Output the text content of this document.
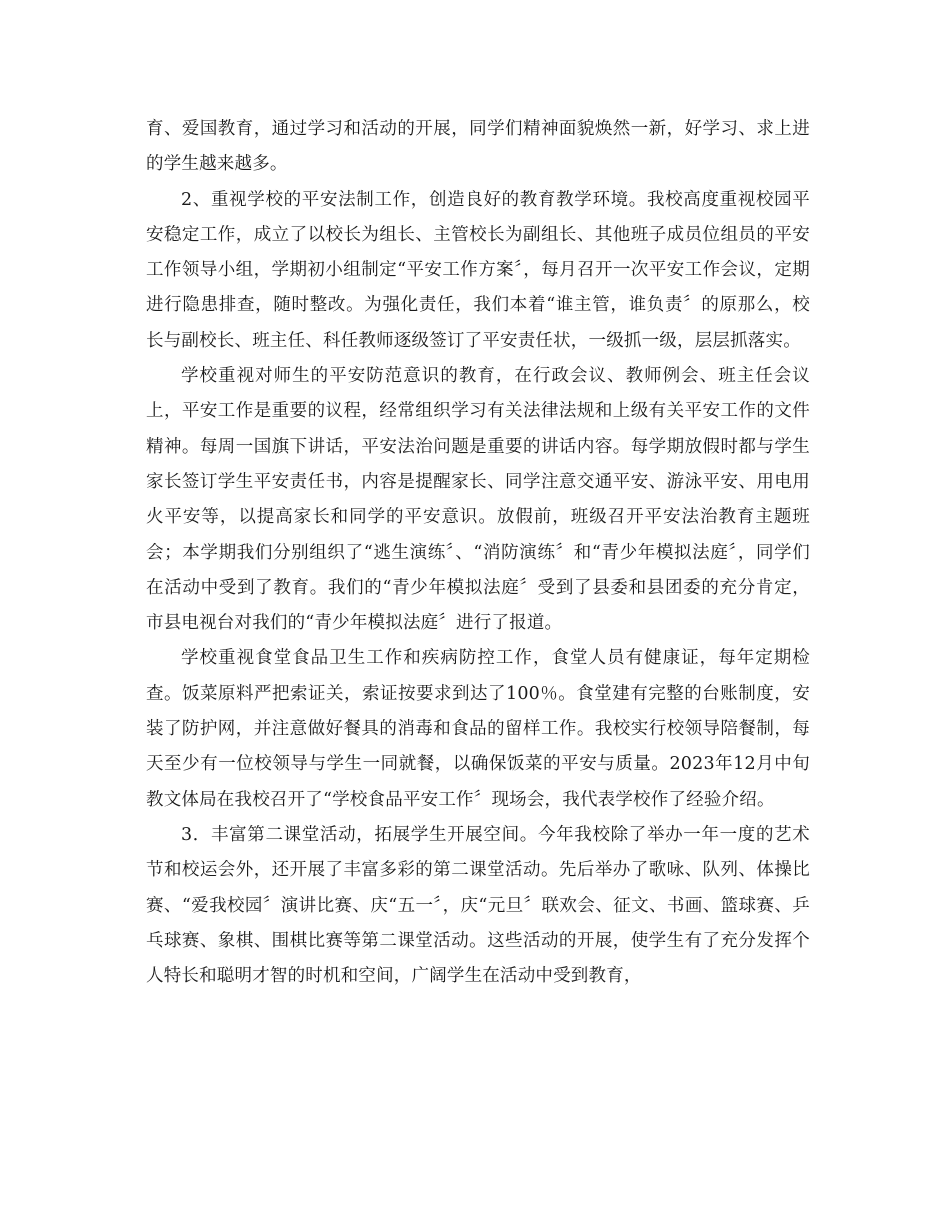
育、爱国教育，通过学习和活动的开展，同学们精神面貌焕然一新，好学习、求上进的学生越来越多。

2、重视学校的平安法制工作，创造良好的教育教学环境。我校高度重视校园平安稳定工作，成立了以校长为组长、主管校长为副组长、其他班子成员位组员的平安工作领导小组，学期初小组制定“平安工作方案〞，每月召开一次平安工作会议，定期进行隐患排查，随时整改。为强化责任，我们本着“谁主管，谁负责〞的原那么，校长与副校长、班主任、科任教师逐级签订了平安责任状，一级抓一级，层层抓落实。

学校重视对师生的平安防范意识的教育，在行政会议、教师例会、班主任会议上，平安工作是重要的议程，经常组织学习有关法律法规和上级有关平安工作的文件精神。每周一国旗下讲话，平安法治问题是重要的讲话内容。每学期放假时都与学生家长签订学生平安责任书，内容是提醒家长、同学注意交通平安、游泳平安、用电用火平安等，以提高家长和同学的平安意识。放假前，班级召开平安法治教育主题班会；本学期我们分别组织了“逃生演练〞、“消防演练〞和“青少年模拟法庭〞，同学们在活动中受到了教育。我们的“青少年模拟法庭〞受到了县委和县团委的充分肯定，市县电视台对我们的“青少年模拟法庭〞进行了报道。

学校重视食堂食品卫生工作和疾病防控工作，食堂人员有健康证，每年定期检查。饭菜原料严把索证关，索证按要求到达了100％。食堂建有完整的台账制度，安装了防护网，并注意做好餐具的消毒和食品的留样工作。我校实行校领导陪餐制，每天至少有一位校领导与学生一同就餐，以确保饭菜的平安与质量。2023年12月中旬教文体局在我校召开了“学校食品平安工作〞现场会，我代表学校作了经验介绍。

3．丰富第二课堂活动，拓展学生开展空间。今年我校除了举办一年一度的艺术节和校运会外，还开展了丰富多彩的第二课堂活动。先后举办了歌咏、队列、体操比赛、“爱我校园〞演讲比赛、庆“五一〞，庆“元旦〞联欢会、征文、书画、篮球赛、乒乓球赛、象棋、围棋比赛等第二课堂活动。这些活动的开展，使学生有了充分发挥个人特长和聪明才智的时机和空间，广阔学生在活动中受到教育，
